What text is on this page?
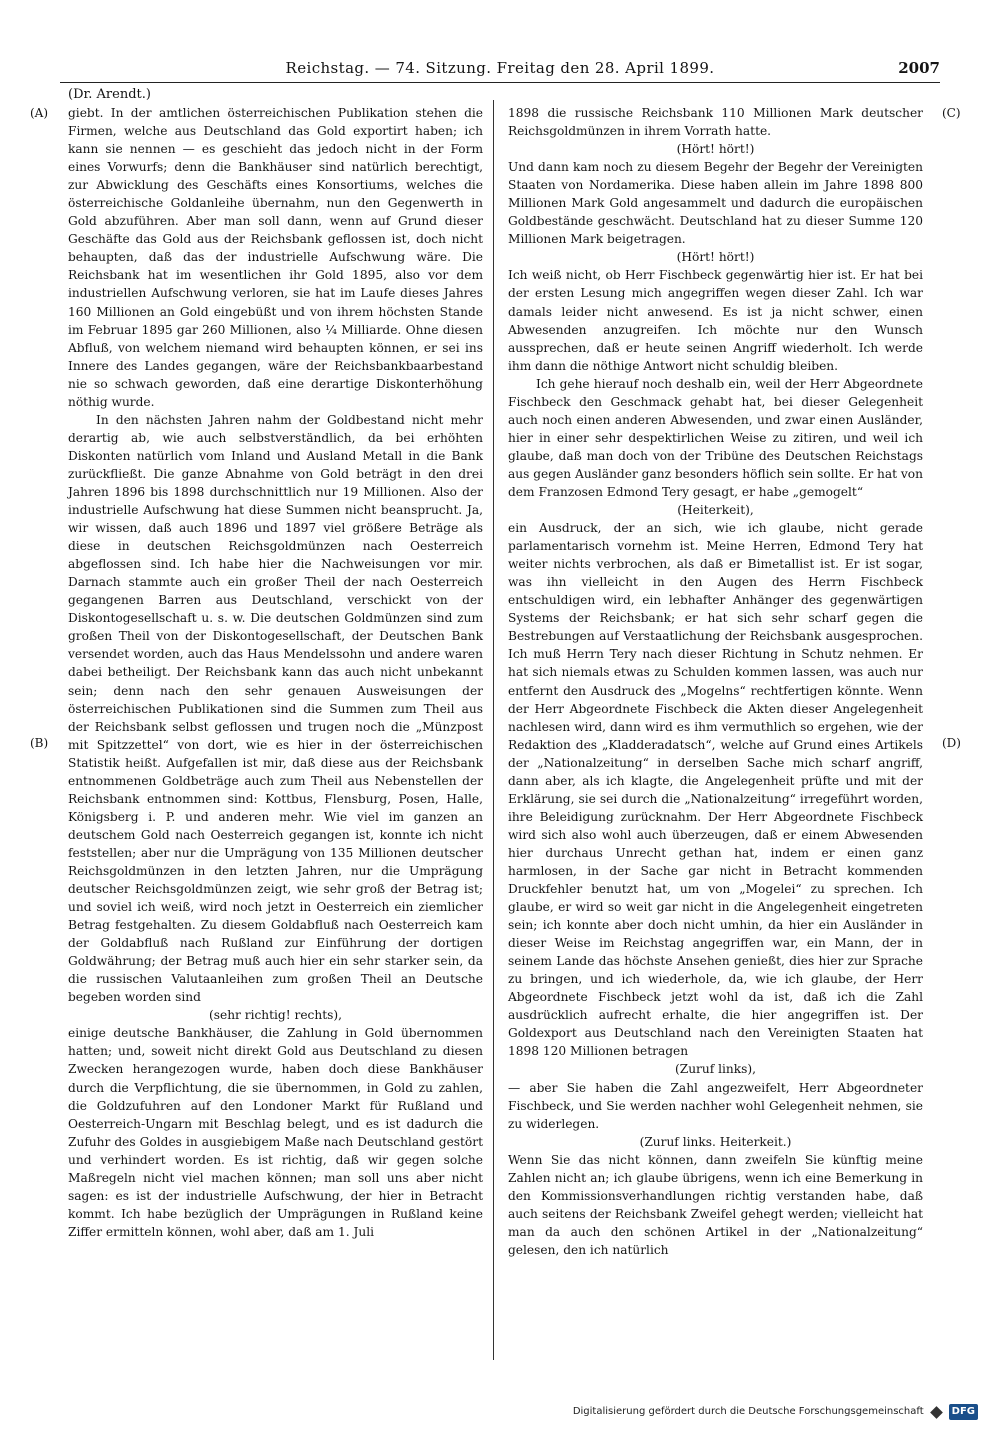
Reichstag. — 74. Sitzung. Freitag den 28. April 1899.	2007
(Dr. Arendt.)
(A)
(B)
(C)
(D)

giebt. In der amtlichen österreichischen Publikation stehen die Firmen, welche aus Deutschland das Gold exportirt haben; ich kann sie nennen — es geschieht das jedoch nicht in der Form eines Vorwurfs; denn die Bankhäuser sind natürlich berechtigt, zur Abwicklung des Geschäfts eines Konsortiums, welches die österreichische Goldanleihe übernahm, nun den Gegenwerth in Gold abzuführen. Aber man soll dann, wenn auf Grund dieser Geschäfte das Gold aus der Reichsbank geflossen ist, doch nicht behaupten, daß das der industrielle Aufschwung wäre. Die Reichsbank hat im wesentlichen ihr Gold 1895, also vor dem industriellen Aufschwung verloren, sie hat im Laufe dieses Jahres 160 Millionen an Gold eingebüßt und von ihrem höchsten Stande im Februar 1895 gar 260 Millionen, also ¼ Milliarde. Ohne diesen Abfluß, von welchem niemand wird behaupten können, er sei ins Innere des Landes gegangen, wäre der Reichsbankbaarbestand nie so schwach geworden, daß eine derartige Diskonterhöhung nöthig wurde.

In den nächsten Jahren nahm der Goldbestand nicht mehr derartig ab, wie auch selbstverständlich, da bei erhöhten Diskonten natürlich vom Inland und Ausland Metall in die Bank zurückfließt. Die ganze Abnahme von Gold beträgt in den drei Jahren 1896 bis 1898 durchschnittlich nur 19 Millionen. Also der industrielle Aufschwung hat diese Summen nicht beansprucht. Ja, wir wissen, daß auch 1896 und 1897 viel größere Beträge als diese in deutschen Reichsgoldmünzen nach Oesterreich abgeflossen sind. Ich habe hier die Nachweisungen vor mir. Darnach stammte auch ein großer Theil der nach Oesterreich gegangenen Barren aus Deutschland, verschickt von der Diskontogesellschaft u. s. w. Die deutschen Goldmünzen sind zum großen Theil von der Diskontogesellschaft, der Deutschen Bank versendet worden, auch das Haus Mendelssohn und andere waren dabei betheiligt. Der Reichsbank kann das auch nicht unbekannt sein; denn nach den sehr genauen Ausweisungen der österreichischen Publikationen sind die Summen zum Theil aus der Reichsbank selbst geflossen und trugen noch die „Münzpost mit Spitzzettel“ von dort, wie es hier in der österreichischen Statistik heißt. Aufgefallen ist mir, daß diese aus der Reichsbank entnommenen Goldbeträge auch zum Theil aus Nebenstellen der Reichsbank entnommen sind: Kottbus, Flensburg, Posen, Halle, Königsberg i. P. und anderen mehr. Wie viel im ganzen an deutschem Gold nach Oesterreich gegangen ist, konnte ich nicht feststellen; aber nur die Umprägung von 135 Millionen deutscher Reichsgoldmünzen in den letzten Jahren, nur die Umprägung deutscher Reichsgoldmünzen zeigt, wie sehr groß der Betrag ist; und soviel ich weiß, wird noch jetzt in Oesterreich ein ziemlicher Betrag festgehalten. Zu diesem Goldabfluß nach Oesterreich kam der Goldabfluß nach Rußland zur Einführung der dortigen Goldwährung; der Betrag muß auch hier ein sehr starker sein, da die russischen Valutaanleihen zum großen Theil an Deutsche begeben worden sind

(sehr richtig! rechts),

einige deutsche Bankhäuser, die Zahlung in Gold übernommen hatten; und, soweit nicht direkt Gold aus Deutschland zu diesen Zwecken herangezogen wurde, haben doch diese Bankhäuser durch die Verpflichtung, die sie übernommen, in Gold zu zahlen, die Goldzufuhren auf den Londoner Markt für Rußland und Oesterreich-Ungarn mit Beschlag belegt, und es ist dadurch die Zufuhr des Goldes in ausgiebigem Maße nach Deutschland gestört und verhindert worden. Es ist richtig, daß wir gegen solche Maßregeln nicht viel machen können; man soll uns aber nicht sagen: es ist der industrielle Aufschwung, der hier in Betracht kommt. Ich habe bezüglich der Umprägungen in Rußland keine Ziffer ermitteln können, wohl aber, daß am 1. Juli

1898 die russische Reichsbank 110 Millionen Mark deutscher Reichsgoldmünzen in ihrem Vorrath hatte.

(Hört! hört!)

Und dann kam noch zu diesem Begehr der Begehr der Vereinigten Staaten von Nordamerika. Diese haben allein im Jahre 1898 800 Millionen Mark Gold angesammelt und dadurch die europäischen Goldbestände geschwächt. Deutschland hat zu dieser Summe 120 Millionen Mark beigetragen.

(Hört! hört!)

Ich weiß nicht, ob Herr Fischbeck gegenwärtig hier ist. Er hat bei der ersten Lesung mich angegriffen wegen dieser Zahl. Ich war damals leider nicht anwesend. Es ist ja nicht schwer, einen Abwesenden anzugreifen. Ich möchte nur den Wunsch aussprechen, daß er heute seinen Angriff wiederholt. Ich werde ihm dann die nöthige Antwort nicht schuldig bleiben.

Ich gehe hierauf noch deshalb ein, weil der Herr Abgeordnete Fischbeck den Geschmack gehabt hat, bei dieser Gelegenheit auch noch einen anderen Abwesenden, und zwar einen Ausländer, hier in einer sehr despektirlichen Weise zu zitiren, und weil ich glaube, daß man doch von der Tribüne des Deutschen Reichstags aus gegen Ausländer ganz besonders höflich sein sollte. Er hat von dem Franzosen Edmond Tery gesagt, er habe „gemogelt“

(Heiterkeit),

ein Ausdruck, der an sich, wie ich glaube, nicht gerade parlamentarisch vornehm ist. Meine Herren, Edmond Tery hat weiter nichts verbrochen, als daß er Bimetallist ist. Er ist sogar, was ihn vielleicht in den Augen des Herrn Fischbeck entschuldigen wird, ein lebhafter Anhänger des gegenwärtigen Systems der Reichsbank; er hat sich sehr scharf gegen die Bestrebungen auf Verstaatlichung der Reichsbank ausgesprochen. Ich muß Herrn Tery nach dieser Richtung in Schutz nehmen. Er hat sich niemals etwas zu Schulden kommen lassen, was auch nur entfernt den Ausdruck des „Mogelns“ rechtfertigen könnte. Wenn der Herr Abgeordnete Fischbeck die Akten dieser Angelegenheit nachlesen wird, dann wird es ihm vermuthlich so ergehen, wie der Redaktion des „Kladderadatsch“, welche auf Grund eines Artikels der „Nationalzeitung“ in derselben Sache mich scharf angriff, dann aber, als ich klagte, die Angelegenheit prüfte und mit der Erklärung, sie sei durch die „Nationalzeitung“ irregeführt worden, ihre Beleidigung zurücknahm. Der Herr Abgeordnete Fischbeck wird sich also wohl auch überzeugen, daß er einem Abwesenden hier durchaus Unrecht gethan hat, indem er einen ganz harmlosen, in der Sache gar nicht in Betracht kommenden Druckfehler benutzt hat, um von „Mogelei“ zu sprechen. Ich glaube, er wird so weit gar nicht in die Angelegenheit eingetreten sein; ich konnte aber doch nicht umhin, da hier ein Ausländer in dieser Weise im Reichstag angegriffen war, ein Mann, der in seinem Lande das höchste Ansehen genießt, dies hier zur Sprache zu bringen, und ich wiederhole, da, wie ich glaube, der Herr Abgeordnete Fischbeck jetzt wohl da ist, daß ich die Zahl ausdrücklich aufrecht erhalte, die hier angegriffen ist. Der Goldexport aus Deutschland nach den Vereinigten Staaten hat 1898 120 Millionen betragen

(Zuruf links),

— aber Sie haben die Zahl angezweifelt, Herr Abgeordneter Fischbeck, und Sie werden nachher wohl Gelegenheit nehmen, sie zu widerlegen.

(Zuruf links. Heiterkeit.)

Wenn Sie das nicht können, dann zweifeln Sie künftig meine Zahlen nicht an; ich glaube übrigens, wenn ich eine Bemerkung in den Kommissionsverhandlungen richtig verstanden habe, daß auch seitens der Reichsbank Zweifel gehegt werden; vielleicht hat man da auch den schönen Artikel in der „Nationalzeitung“ gelesen, den ich natürlich

Digitalisierung gefördert durch die Deutsche Forschungsgemeinschaft	DFG
